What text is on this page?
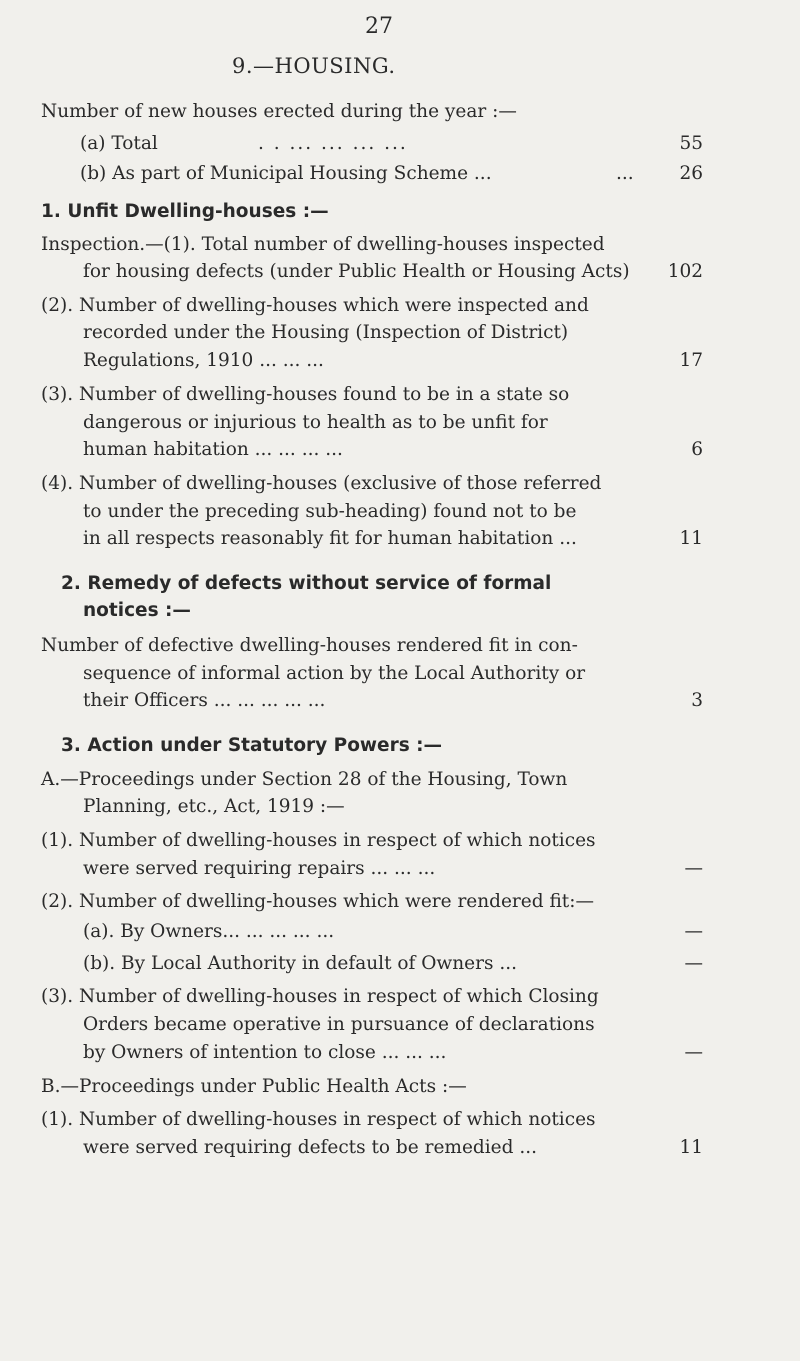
27
9.—HOUSING.
Number of new houses erected during the year :—
(a) Total	. . ... ... ... ...	55
(b) As part of Municipal Housing Scheme ...	... 26
1. Unfit Dwelling-houses :—
Inspection.—(1). Total number of dwelling-houses inspected
for housing defects (under Public Health or Housing Acts) 102
(2). Number of dwelling-houses which were inspected and
recorded under the Housing (Inspection of District)
Regulations, 1910 ... ... ...	17
(3). Number of dwelling-houses found to be in a state so
dangerous or injurious to health as to be unfit for
human habitation ... ... ... ...	6
(4). Number of dwelling-houses (exclusive of those referred
to under the preceding sub-heading) found not to be
in all respects reasonably fit for human habitation ...	11
2. Remedy of defects without service of formal
notices :—
Number of defective dwelling-houses rendered fit in con-
sequence of informal action by the Local Authority or
their Officers ... ... ... ... ...	3
3. Action under Statutory Powers :—
A.—Proceedings under Section 28 of the Housing, Town
Planning, etc., Act, 1919 :—
(1). Number of dwelling-houses in respect of which notices
were served requiring repairs ... ... ...	—
(2). Number of dwelling-houses which were rendered fit:—
(a). By Owners... ... ... ... ...	—
(b). By Local Authority in default of Owners ...	—
(3). Number of dwelling-houses in respect of which Closing
Orders became operative in pursuance of declarations
by Owners of intention to close ... ... ...	—
B.—Proceedings under Public Health Acts :—
(1). Number of dwelling-houses in respect of which notices
were served requiring defects to be remedied ...	11
